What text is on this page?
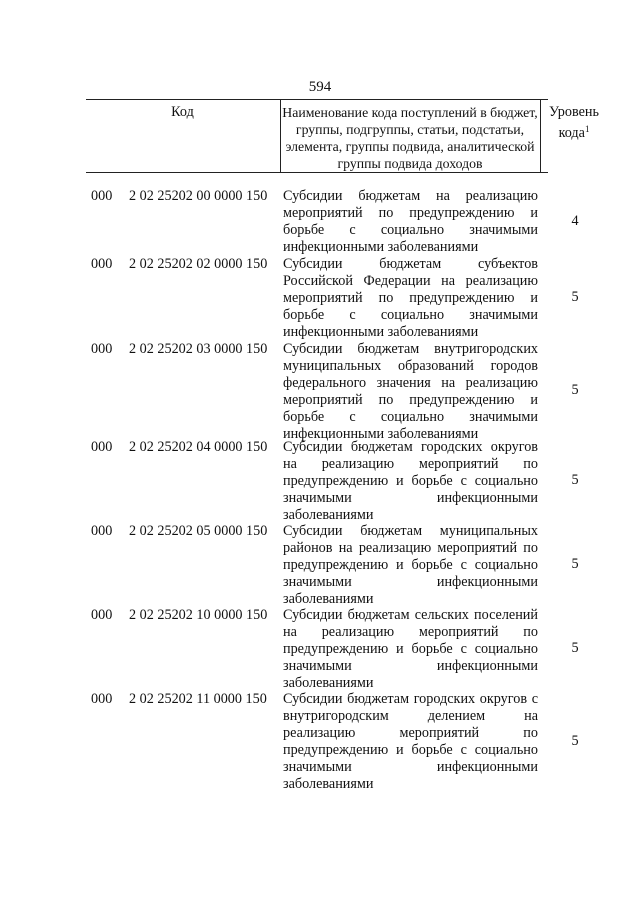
594
Код	Наименование кода поступлений в бюджет, группы, подгруппы, статьи, подстатьи, элемента, группы подвида, аналитической группы подвида доходов
Уровень кода$^1$
000 2 02 25202 00 0000 150 Субсидии бюджетам на реализацию мероприятий по предупреждению и борьбе с социально значимыми инфекционными заболеваниями
4
000 2 02 25202 02 0000 150 Субсидии бюджетам субъектов Российской Федерации на реализацию мероприятий по предупреждению и борьбе с социально значимыми инфекционными заболеваниями
5
000 2 02 25202 03 0000 150 Субсидии бюджетам внутригородских муниципальных образований городов федерального значения на реализацию мероприятий по предупреждению и борьбе с социально значимыми инфекционными заболеваниями
5
000 2 02 25202 04 0000 150 Субсидии бюджетам городских округов на реализацию мероприятий по предупреждению и борьбе с социально значимыми инфекционными заболеваниями
5
000 2 02 25202 05 0000 150 Субсидии бюджетам муниципальных районов на реализацию мероприятий по предупреждению и борьбе с социально значимыми инфекционными заболеваниями
5
000 2 02 25202 10 0000 150 Субсидии бюджетам сельских поселений на реализацию мероприятий по предупреждению и борьбе с социально значимыми инфекционными заболеваниями
5
000 2 02 25202 11 0000 150 Субсидии бюджетам городских округов с внутригородским делением на реализацию мероприятий по предупреждению и борьбе с социально значимыми инфекционными заболеваниями
5
